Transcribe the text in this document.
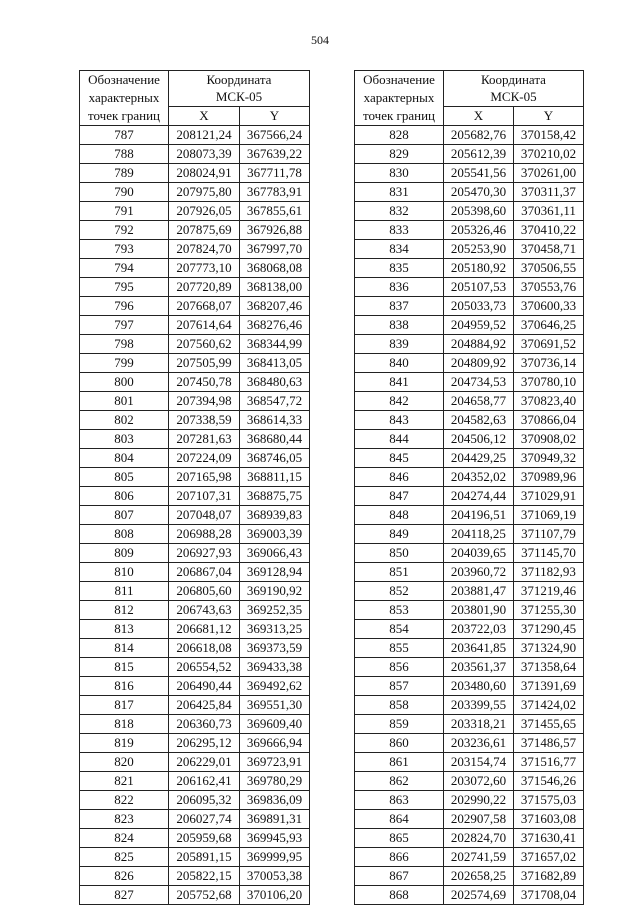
504
Обозначение
характерных
точек границ	Координата
МСК-05	
	X	Y
787	208121,24	367566,24
788	208073,39	367639,22
789	208024,91	367711,78
790	207975,80	367783,91
791	207926,05	367855,61
792	207875,69	367926,88
793	207824,70	367997,70
794	207773,10	368068,08
795	207720,89	368138,00
796	207668,07	368207,46
797	207614,64	368276,46
798	207560,62	368344,99
799	207505,99	368413,05
800	207450,78	368480,63
801	207394,98	368547,72
802	207338,59	368614,33
803	207281,63	368680,44
804	207224,09	368746,05
805	207165,98	368811,15
806	207107,31	368875,75
807	207048,07	368939,83
808	206988,28	369003,39
809	206927,93	369066,43
810	206867,04	369128,94
811	206805,60	369190,92
812	206743,63	369252,35
813	206681,12	369313,25
814	206618,08	369373,59
815	206554,52	369433,38
816	206490,44	369492,62
817	206425,84	369551,30
818	206360,73	369609,40
819	206295,12	369666,94
820	206229,01	369723,91
821	206162,41	369780,29
822	206095,32	369836,09
823	206027,74	369891,31
824	205959,68	369945,93
825	205891,15	369999,95
826	205822,15	370053,38
827	205752,68	370106,20
Обозначение
характерных
точек границ	Координата
МСК-05	
	X	Y
828	205682,76	370158,42
829	205612,39	370210,02
830	205541,56	370261,00
831	205470,30	370311,37
832	205398,60	370361,11
833	205326,46	370410,22
834	205253,90	370458,71
835	205180,92	370506,55
836	205107,53	370553,76
837	205033,73	370600,33
838	204959,52	370646,25
839	204884,92	370691,52
840	204809,92	370736,14
841	204734,53	370780,10
842	204658,77	370823,40
843	204582,63	370866,04
844	204506,12	370908,02
845	204429,25	370949,32
846	204352,02	370989,96
847	204274,44	371029,91
848	204196,51	371069,19
849	204118,25	371107,79
850	204039,65	371145,70
851	203960,72	371182,93
852	203881,47	371219,46
853	203801,90	371255,30
854	203722,03	371290,45
855	203641,85	371324,90
856	203561,37	371358,64
857	203480,60	371391,69
858	203399,55	371424,02
859	203318,21	371455,65
860	203236,61	371486,57
861	203154,74	371516,77
862	203072,60	371546,26
863	202990,22	371575,03
864	202907,58	371603,08
865	202824,70	371630,41
866	202741,59	371657,02
867	202658,25	371682,89
868	202574,69	371708,04
